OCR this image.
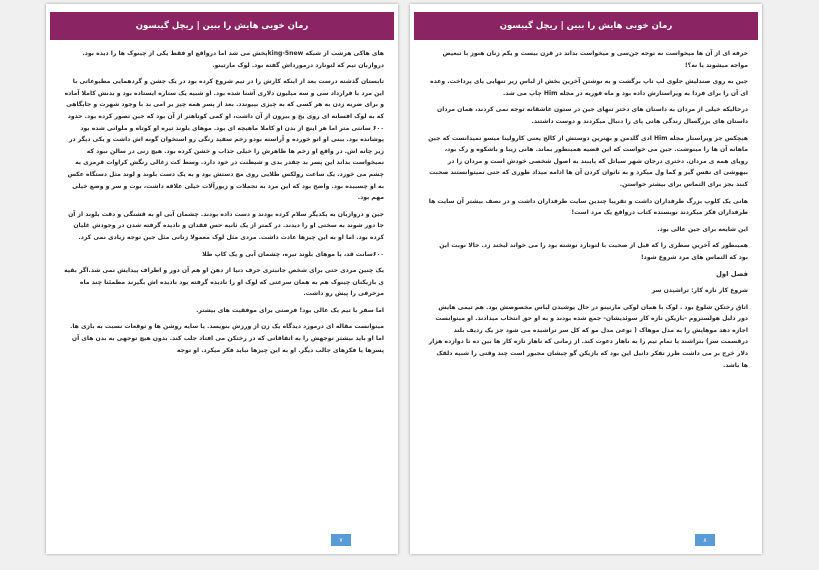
رمان خوبی هایش را ببین | ریچل گیبسون

های هاکی هرشب از شبکه king-5newپخش می شد اما درواقع او فقط یکی از چینوک ها را دیده بود. دروازبان تیم که لتونارد درمورداش گفته بود. لوک مارتینو.

تابستان گذشته درست بعد از اینکه کارش را در تیم شروع کرده بود در یک جشن و گردهمایی مطبوعاتی با این مرد با قرارداد سی و سه میلیون دلاری آشنا شده بود. او شبیه یک ستاره ایستاده بود و بدنش کاملا آماده و برای ضربه زدن به هر کسی که به چیزی بپیوندد. بعد از پسر همه چیز بر امی بد با وجود شهرت و جایگاهی که به لوک افسانه ای روی یخ و بیرون از آن داشت، او کمی کوتاهتر از آن بود که جین تصور کرده بود. حدود ۶۰۰ سانتی متر اما هر اینچ از بدن او کاملا ماهیچه ای بود. موهای بلوند تیره او کوتاه و ملوانی شده بود پوشانده بود. بینی او اتو خورده و آراسته بودو زخم سفید رنگی رو استخوان گونه اش داشت و یکی دیگر در زیر چانه اش. در واقع او زخم ها ظاهرش را خیلی جذاب و خشن کرده بود. هیچ زنی در سالن نبود که نمیخواست بداند این پسر بد چقدر بدی و شیطنت در خود دارد. وسط کت زغالی رنگش کراوات قرمزی به چشم می خورد. یک ساعت رولکس طلایی روی مچ دستش بود و به یک دست بلوند و لوند مثل دستگاه عکس به او چسبیده بود. واضح بود که این مرد به تجملات و زیورآلات خیلی علاقه داشت، بوت و سر و وضع خیلی مهم بود.

جین و دروازبان به یکدیگر سلام کرده بودند و دست داده بودند. چشمان آبی او به قشنگی و دقت بلوند از آن جا دور شوند به سختی او را دیدند. در کمتر از یک ثانیه حس فقدان و نادیده گرفته شدن در وجودش غلیان کرده بود. اما او به این چیزها عادت داشت. مردی مثل لوک معمولا زنانی مثل جین توجه زیادی نمی کرد.

۶۰۰سانت قد، با موهای بلوند تیره، چشمان آبی و یک کاپ طلا

یک چنین مردی حتی برای شخص جانبتری حرف دنیا از دهن او هم آن دور و اطراف پیدایش نمی شد.اگر بقیه ی بازیکنان چینوک هم به همان سرعتی که لوک او را نادیده گرفته بود نادیده اش بگیرند مطمئنا چند ماه مزخرفی را پیش رو داشت.

اما سفر با تیم یک عالی بود! فرصتی برای موفقیت های بیشتر.

میتوانست مقاله ای درمورد دیدگاه یک زن از ورزش بنویسد. یا سایه روشن ها و توقعات نسبت به بازی ها. اما او باید بیشتر توجهش را به اتفاقاتی که در رختکن می افتاد جلب کند. بدون هیچ توجهی به بدن های آن پسرها یا فکرهای جالب دیگر. او به این چیزها نباید فکر میکرد. او توجه

۷
رمان خوبی هایش را ببین | ریچل گیبسون

حرفه ای از آن ها میخواست نه توجه جن‌سی و میخواست بداند در قرن بیست و یکم زنان هنوز با تبعیض مواجه میشوند یا نه؟!

جین به روی صندلیش جلوی لپ تاپ برگشت و به نوشتن آخرین بخش از لباس زیر تنهایی پای پرداخت. وعده ای آن را برای فردا به ویراستارش داده بود و ماه فوریه در مجله Him چاپ می شد.

درحالیکه خیلی از مردان به داستان های دختر تنهای جین در ستون عاشقانه توجه نمی کردند، همان مردان داستان های بزرگسال زندگی هانی پای را دنبال میکردند و دوست داشتند.

هیچکس جز ویراستار مجله Him ادی گلدمن و بهترین دوستش از کالج یعنی کارولینا میسو نمیدانست که جین ماهانه آن ها را مینوشت. جین می خواست که این قضیه همینطور بماند. هانی زیبا و باشکوه و رک بود، رویای همه ی مردان. دختری درجان شهر سیاتل که پایبند به اصول شخصی خودش است و مردان را در بیهوشی ای نفس گیر و کما ول میکرد و به ناتوان کردن آن ها ادامه میداد طوری که حتی نمیتوانستند صحبت کنند بجز برای التماس برای بیشتر خواستن.

هانی یک کلوپ بزرگ طرفداران داشت و تقریبا چندین سایت طرفداران داشت و در نصف بیشتر آن سایت ها طرفداران فکر میکردند نویسنده کتاب درواقع یک مرد است!

این شایعه برای جین عالی بود.

همینطور که آخرین سطری را که قبل از صحبت با لتونارد نوشته بود را می خواند لبخند زد. حالا نوبت این بود که التماس های مرد شروع شود!

فصل اول

شروع کار تازه کار: تراشیدن سر

اتاق رختکن شلوغ بود . لوک با همان لوکی مارتینو در حال پوشیدن لباس مخصوصش بود. هم تیمی هایش دور دلیل هولستروم -بازیکن تازه کار سوئدیشان- جمع شده بودند و به او حق انتخاب میدادند. او میتوانست اجازه دهد موهایش را به مدل موهاک ( نوعی مدل مو که کل سر تراشیده می شود جز یک ردیف بلند درقسمت سر) بتراشند یا تمام تیم را به ناهار دعوت کند. از زمانی که ناهار تازه کار ها بین ده تا دوازده هزار دلار خرج بر می داشت طرز تفکر دانیل این بود که بازیکن گو چیشان مجبور است چند وقتی را شبیه دلقک ها باشد.

۸
